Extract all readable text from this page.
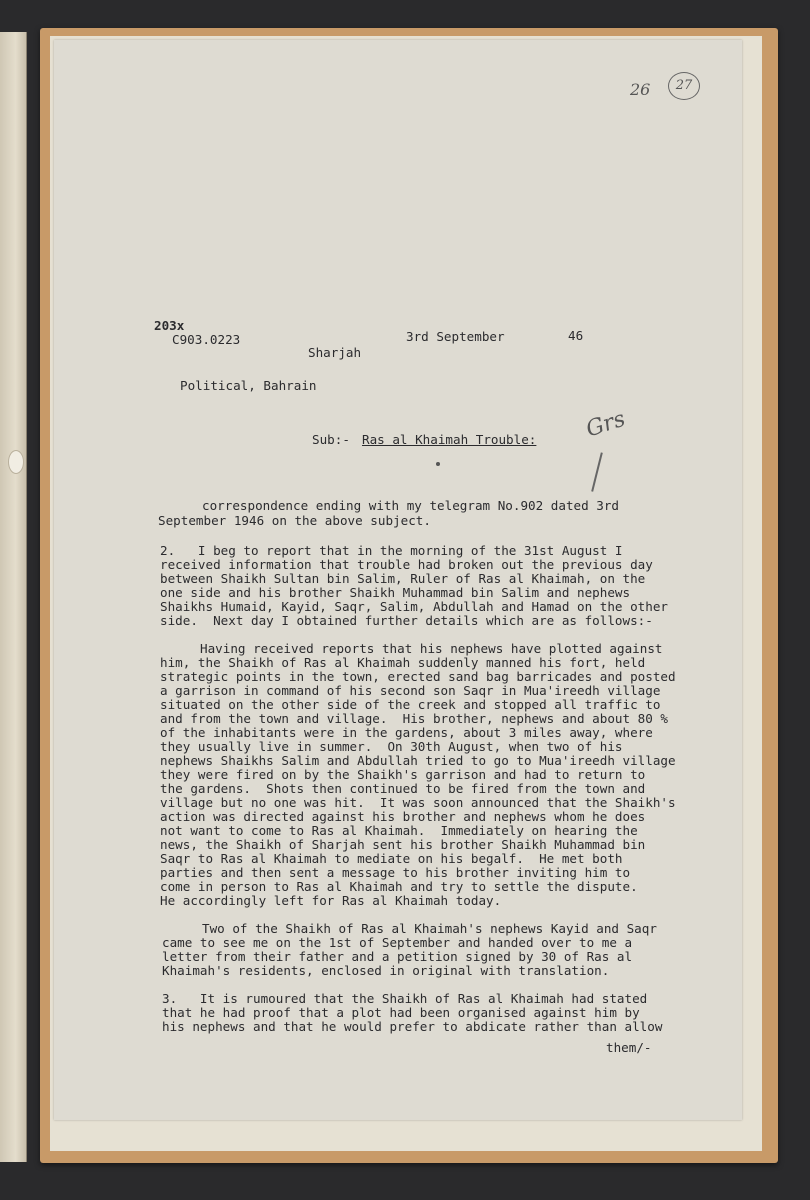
26	27

203x

C903.0223	3rd September	46

Sharjah

Political, Bahrain

Sub:- Ras al Khaimah Trouble: Grs

correspondence ending with my telegram No.902 dated 3rd

September 1946 on the above subject.

2.   I beg to report that in the morning of the 31st August I

received information that trouble had broken out the previous day

between Shaikh Sultan bin Salim, Ruler of Ras al Khaimah, on the

one side and his brother Shaikh Muhammad bin Salim and nephews

Shaikhs Humaid, Kayid, Saqr, Salim, Abdullah and Hamad on the other

side.  Next day I obtained further details which are as follows:-

Having received reports that his nephews have plotted against

him, the Shaikh of Ras al Khaimah suddenly manned his fort, held

strategic points in the town, erected sand bag barricades and posted

a garrison in command of his second son Saqr in Mua'ireedh village

situated on the other side of the creek and stopped all traffic to

and from the town and village.  His brother, nephews and about 80 %

of the inhabitants were in the gardens, about 3 miles away, where

they usually live in summer.  On 30th August, when two of his

nephews Shaikhs Salim and Abdullah tried to go to Mua'ireedh village

they were fired on by the Shaikh's garrison and had to return to

the gardens.  Shots then continued to be fired from the town and

village but no one was hit.  It was soon announced that the Shaikh's

action was directed against his brother and nephews whom he does

not want to come to Ras al Khaimah.  Immediately on hearing the

news, the Shaikh of Sharjah sent his brother Shaikh Muhammad bin

Saqr to Ras al Khaimah to mediate on his begalf.  He met both

parties and then sent a message to his brother inviting him to

come in person to Ras al Khaimah and try to settle the dispute.

He accordingly left for Ras al Khaimah today.

Two of the Shaikh of Ras al Khaimah's nephews Kayid and Saqr

came to see me on the 1st of September and handed over to me a

letter from their father and a petition signed by 30 of Ras al

Khaimah's residents, enclosed in original with translation.

3.   It is rumoured that the Shaikh of Ras al Khaimah had stated

that he had proof that a plot had been organised against him by

his nephews and that he would prefer to abdicate rather than allow

them/-
